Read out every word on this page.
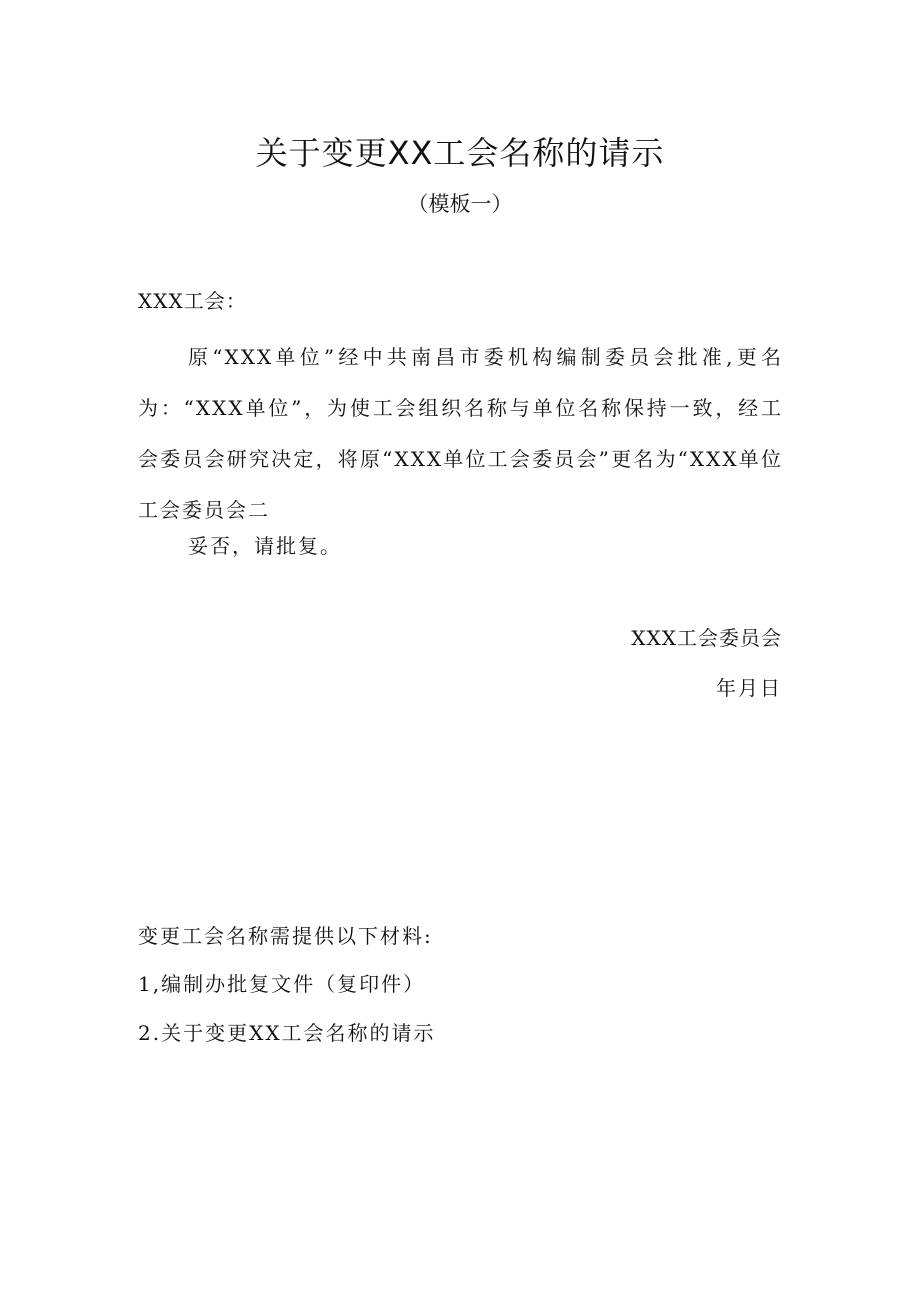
关于变更XX工会名称的请示
（模板一）
XXX工会：

原“XXX单位”经中共南昌市委机构编制委员会批准,更名为：“XXX单位”，为使工会组织名称与单位名称保持一致，经工会委员会研究决定，将原“XXX单位工会委员会”更名为“XXX单位工会委员会二

妥否，请批复。
XXX工会委员会
年月日
变更工会名称需提供以下材料:
1,编制办批复文件（复印件）
2.关于变更XX工会名称的请示
